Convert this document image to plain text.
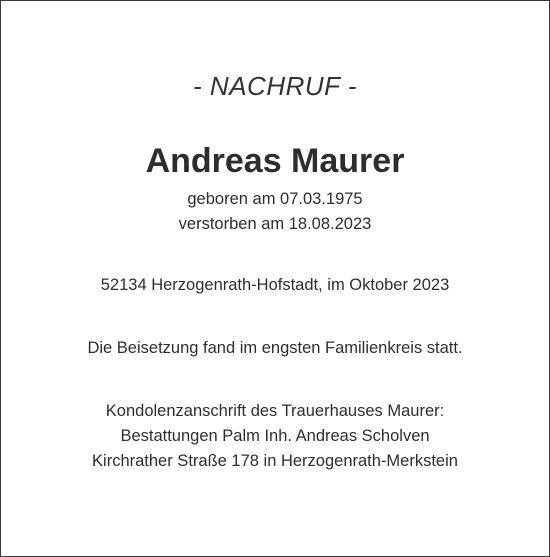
- NACHRUF -
Andreas Maurer
geboren am 07.03.1975
verstorben am 18.08.2023
52134 Herzogenrath-Hofstadt, im Oktober 2023
Die Beisetzung fand im engsten Familienkreis statt.
Kondolenzanschrift des Trauerhauses Maurer:
Bestattungen Palm Inh. Andreas Scholven
Kirchrather Straße 178 in Herzogenrath-Merkstein
